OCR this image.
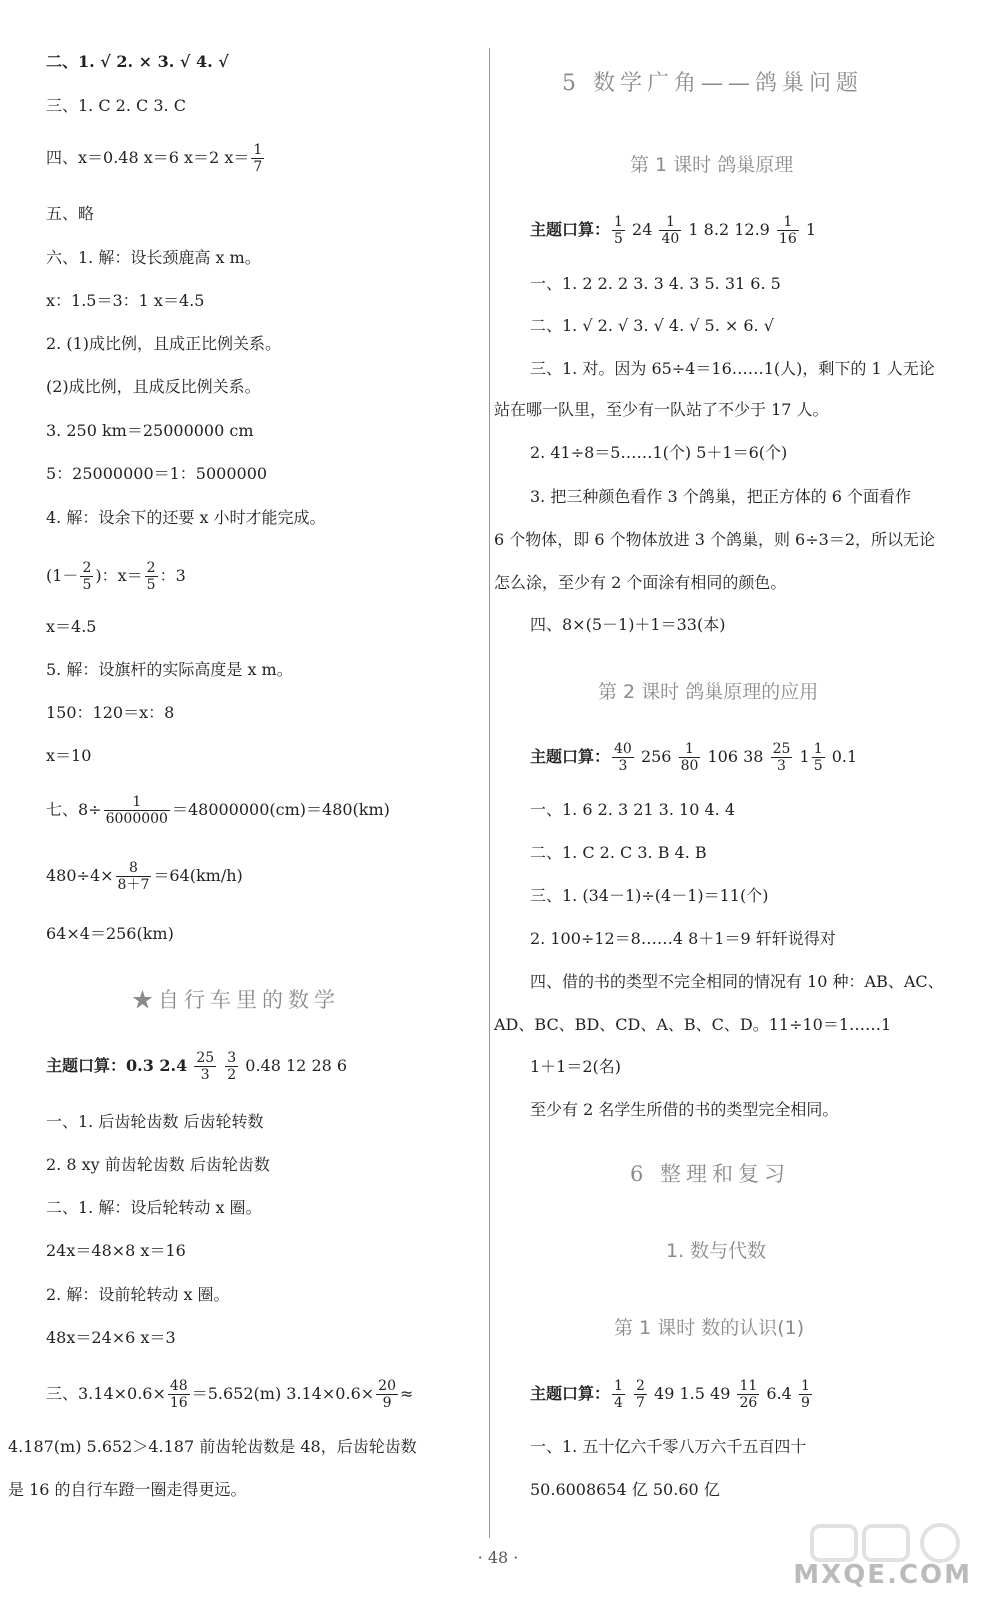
二、1. √ 2. × 3. √ 4. √
三、1. C 2. C 3. C
四、x＝0.48 x＝6 x＝2 $x= \frac{1}{7}$
五、略
六、1. 解：设长颈鹿高 x m。
x：1.5＝3：1 x＝4.5
2. (1)成比例，且成正比例关系。
(2)成比例，且成反比例关系。
3. 250 km＝25000000 cm
5：25000000＝1：5000000
4. 解：设余下的还要 x 小时才能完成。
($1- \frac{2}{5}$ )：$x= \frac{2}{5}$ ：3
x＝4.5
5. 解：设旗杆的实际高度是 x m。
150：120＝x：8
x＝10
七、$8\div \frac{1}{6000000} =48000000(cm)=480(km)$
$480\div 4\times \frac{8}{8+7} =64(km/h)$
64×4＝256(km)
★自行车里的数学
主题口算：0.3 $2.4 \frac{25}{3}$
$\frac{3}{2} 0.48$ 12 28 6
一、1. 后齿轮齿数 后齿轮转数
2. 8 xy 前齿轮齿数 后齿轮齿数
二、1. 解：设后轮转动 x 圈。
24x＝48×8 x＝16
2. 解：设前轮转动 x 圈。
48x＝24×6 x＝3
三、$3.14\times 0.6\times \frac{48}{16} =5.652(m)$ $3.14\times 0.6\times \frac{20}{9}$ ≈
4.187(m) 5.652＞4.187 前齿轮齿数是 48，后齿轮齿数
是 16 的自行车蹬一圈走得更远。
5 数学广角——鸽巢问题
第 1 课时 鸽巢原理
主题口算： $\frac{1}{5} 24 \frac{1}{40} 1$ 8.2 $12.9 \frac{1}{16} 1$
一、1. 2 2. 2 3. 3 4. 3 5. 31 6. 5
二、1. √ 2. √ 3. √ 4. √ 5. × 6. √
三、1. 对。因为 65÷4＝16……1(人)，剩下的 1 人无论
站在哪一队里，至少有一队站了不少于 17 人。
2. 41÷8＝5……1(个) 5＋1＝6(个)
3. 把三种颜色看作 3 个鸽巢，把正方体的 6 个面看作
6 个物体，即 6 个物体放进 3 个鸽巢，则 6÷3＝2，所以无论
怎么涂，至少有 2 个面涂有相同的颜色。
四、8×(5－1)＋1＝33(本)
第 2 课时 鸽巢原理的应用
主题口算： $\frac{40}{3} 256 \frac{1}{80} 106$ $38 \frac{25}{3} 1 \frac{1}{5} 0.1$
一、1. 6 2. 3 21 3. 10 4. 4
二、1. C 2. C 3. B 4. B
三、1. (34－1)÷(4－1)＝11(个)
2. 100÷12＝8……4 8＋1＝9 轩轩说得对
四、借的书的类型不完全相同的情况有 10 种：AB、AC、
AD、BC、BD、CD、A、B、C、D。11÷10＝1……1
1＋1＝2(名)
至少有 2 名学生所借的书的类型完全相同。
6 整理和复习
1. 数与代数
第 1 课时 数的认识(1)
主题口算： $\frac{1}{4}$
$\frac{2}{7} 49$ 1.5 $49 \frac{11}{26} 6.4 \frac{1}{9}$
一、1. 五十亿六千零八万六千五百四十
50.6008654 亿 50.60 亿
· 48 ·
MXQE.COM
